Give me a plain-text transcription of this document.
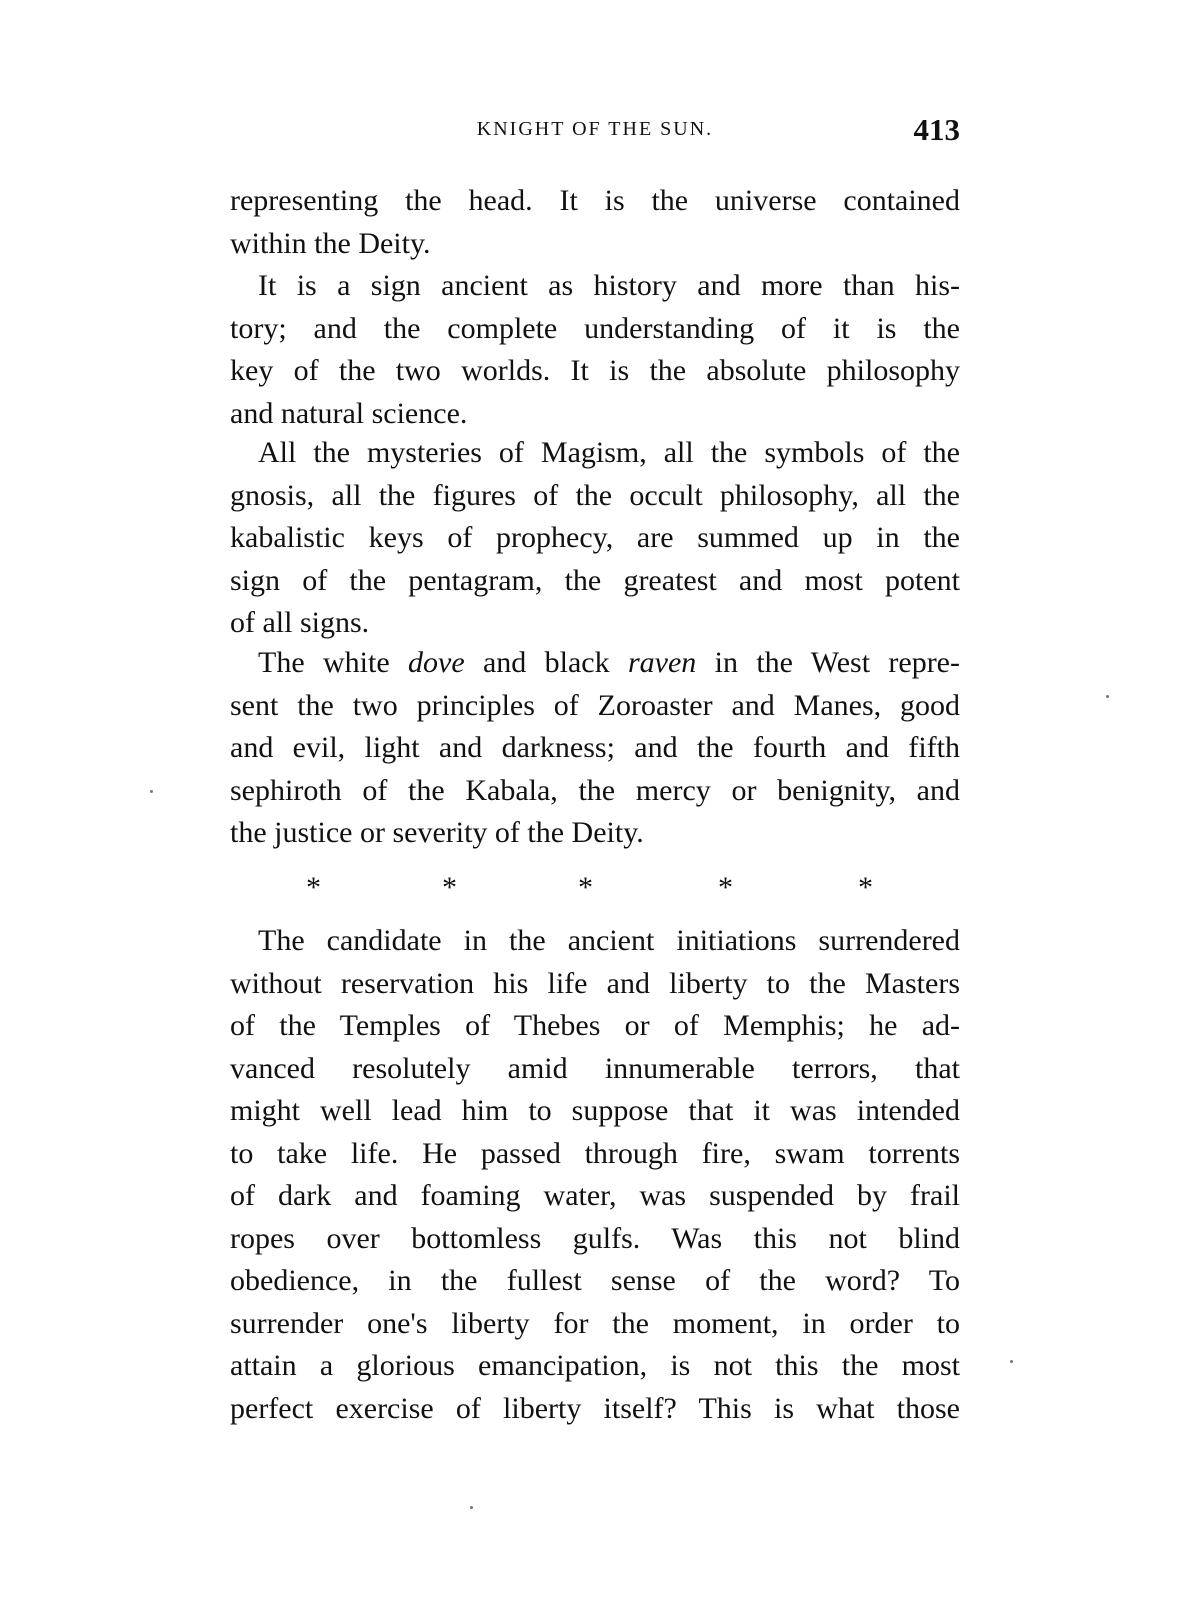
KNIGHT OF THE SUN.	413
representing the head. It is the universe contained
within the Deity.
It is a sign ancient as history and more than his-
tory; and the complete understanding of it is the
key of the two worlds. It is the absolute philosophy
and natural science.
All the mysteries of Magism, all the symbols of the
gnosis, all the figures of the occult philosophy, all the
kabalistic keys of prophecy, are summed up in the
sign of the pentagram, the greatest and most potent
of all signs.
The white dove and black raven in the West repre-
sent the two principles of Zoroaster and Manes, good
and evil, light and darkness; and the fourth and fifth
sephiroth of the Kabala, the mercy or benignity, and
the justice or severity of the Deity.
*	*	*	*	*
The candidate in the ancient initiations surrendered
without reservation his life and liberty to the Masters
of the Temples of Thebes or of Memphis; he ad-
vanced resolutely amid innumerable terrors, that
might well lead him to suppose that it was intended
to take life. He passed through fire, swam torrents
of dark and foaming water, was suspended by frail
ropes over bottomless gulfs. Was this not blind
obedience, in the fullest sense of the word? To
surrender one's liberty for the moment, in order to
attain a glorious emancipation, is not this the most
perfect exercise of liberty itself? This is what those
